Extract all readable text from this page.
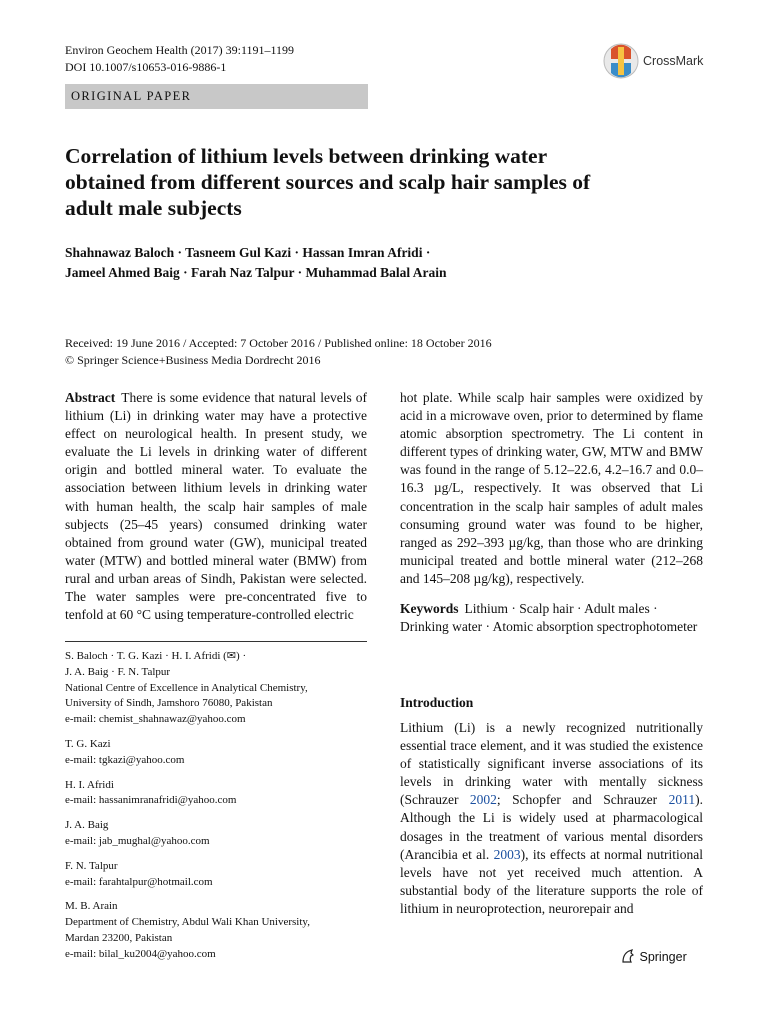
Environ Geochem Health (2017) 39:1191–1199
DOI 10.1007/s10653-016-9886-1	CrossMark
ORIGINAL PAPER
Correlation of lithium levels between drinking water obtained from different sources and scalp hair samples of adult male subjects
Shahnawaz Baloch · Tasneem Gul Kazi · Hassan Imran Afridi ·
Jameel Ahmed Baig · Farah Naz Talpur · Muhammad Balal Arain
Received: 19 June 2016 / Accepted: 7 October 2016 / Published online: 18 October 2016
© Springer Science+Business Media Dordrecht 2016
Abstract There is some evidence that natural levels of lithium (Li) in drinking water may have a protective effect on neurological health. In present study, we evaluate the Li levels in drinking water of different origin and bottled mineral water. To evaluate the association between lithium levels in drinking water with human health, the scalp hair samples of male subjects (25–45 years) consumed drinking water obtained from ground water (GW), municipal treated water (MTW) and bottled mineral water (BMW) from rural and urban areas of Sindh, Pakistan were selected. The water samples were pre-concentrated five to tenfold at 60 °C using temperature-controlled electric
hot plate. While scalp hair samples were oxidized by acid in a microwave oven, prior to determined by flame atomic absorption spectrometry. The Li content in different types of drinking water, GW, MTW and BMW was found in the range of 5.12–22.6, 4.2–16.7 and 0.0–16.3 µg/L, respectively. It was observed that Li concentration in the scalp hair samples of adult males consuming ground water was found to be higher, ranged as 292–393 µg/kg, than those who are drinking municipal treated and bottle mineral water (212–268 and 145–208 µg/kg), respectively.
Keywords Lithium · Scalp hair · Adult males · Drinking water · Atomic absorption spectrophotometer
S. Baloch · T. G. Kazi · H. I. Afridi (✉) ·
J. A. Baig · F. N. Talpur
National Centre of Excellence in Analytical Chemistry,
University of Sindh, Jamshoro 76080, Pakistan
e-mail: chemist_shahnawaz@yahoo.com
T. G. Kazi
e-mail: tgkazi@yahoo.com
H. I. Afridi
e-mail: hassanimranafridi@yahoo.com
J. A. Baig
e-mail: jab_mughal@yahoo.com
F. N. Talpur
e-mail: farahtalpur@hotmail.com
M. B. Arain
Department of Chemistry, Abdul Wali Khan University,
Mardan 23200, Pakistan
e-mail: bilal_ku2004@yahoo.com
Introduction
Lithium (Li) is a newly recognized nutritionally essential trace element, and it was studied the existence of statistically significant inverse associations of its levels in drinking water with mentally sickness (Schrauzer 2002; Schopfer and Schrauzer 2011). Although the Li is widely used at pharmacological dosages in the treatment of various mental disorders (Arancibia et al. 2003), its effects at normal nutritional levels have not yet received much attention. A substantial body of the literature supports the role of lithium in neuroprotection, neurorepair and
Springer
